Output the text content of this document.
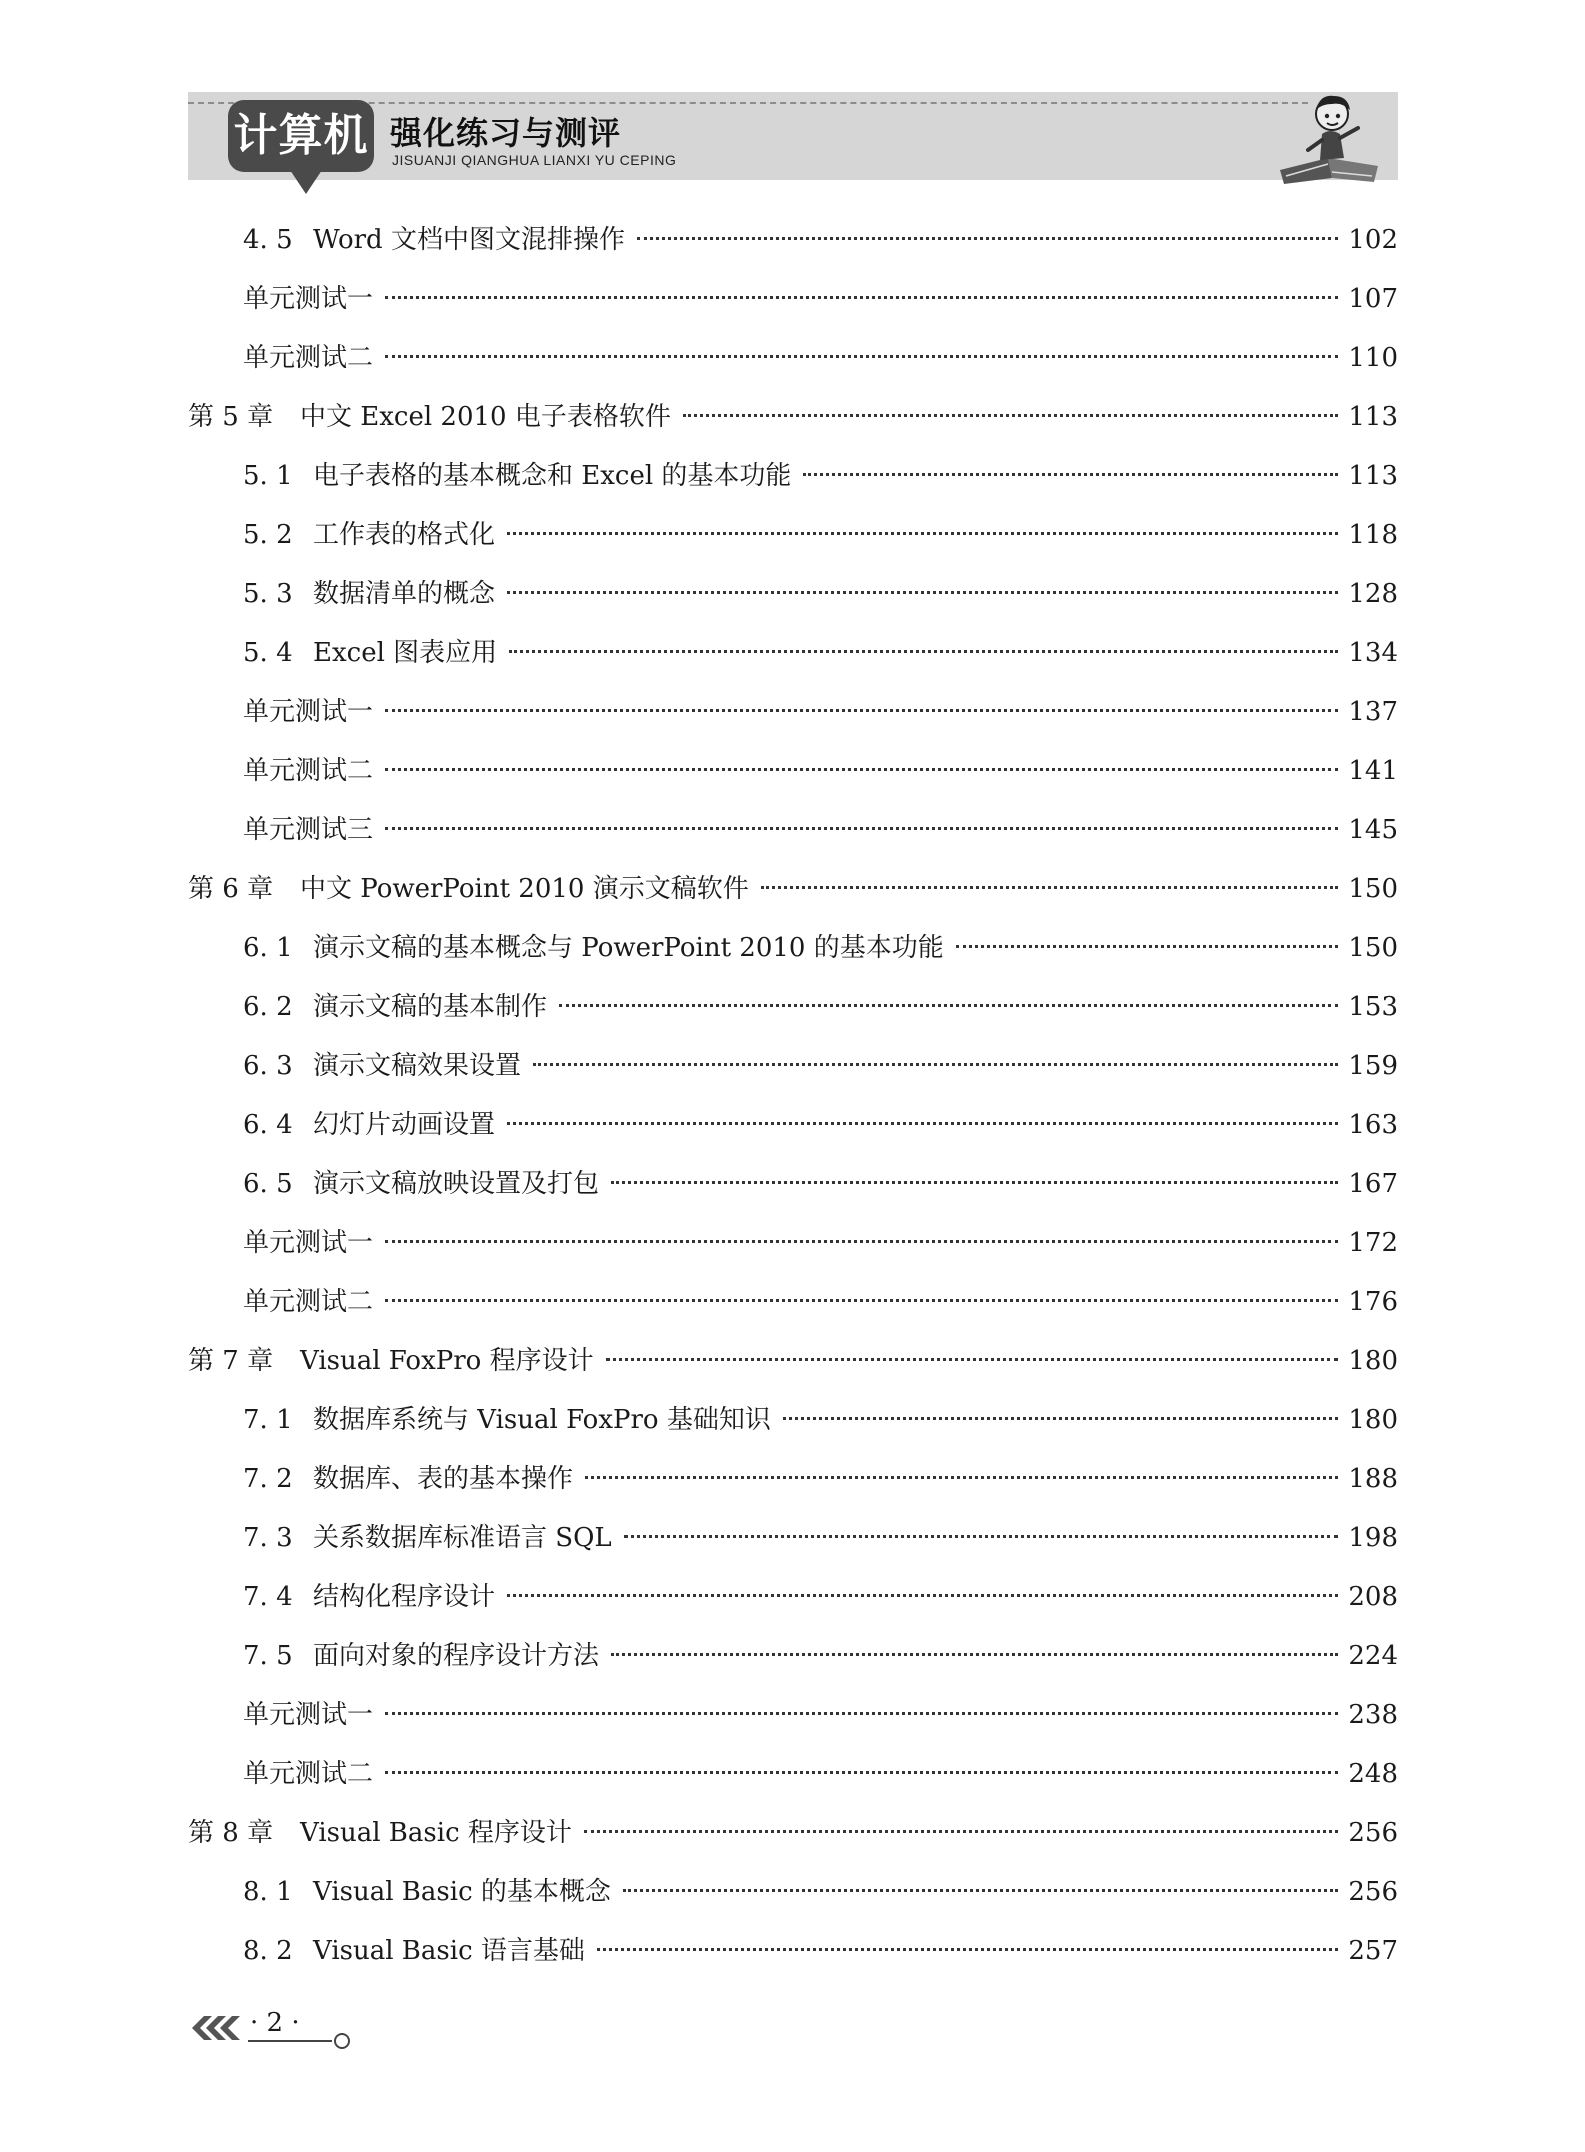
计算机 强化练习与测评
JISUANJI QIANGHUA LIANXI YU CEPING
4. 5 Word 文档中图文混排操作	102
单元测试一	107
单元测试二	110
第 5 章	中文 Excel 2010 电子表格软件	113
5. 1 电子表格的基本概念和 Excel 的基本功能	113
5. 2 工作表的格式化	118
5. 3 数据清单的概念	128
5. 4 Excel 图表应用	134
单元测试一	137
单元测试二	141
单元测试三	145
第 6 章	中文 PowerPoint 2010 演示文稿软件	150
6. 1 演示文稿的基本概念与 PowerPoint 2010 的基本功能	150
6. 2 演示文稿的基本制作	153
6. 3 演示文稿效果设置	159
6. 4 幻灯片动画设置	163
6. 5 演示文稿放映设置及打包	167
单元测试一	172
单元测试二	176
第 7 章	Visual FoxPro 程序设计	180
7. 1 数据库系统与 Visual FoxPro 基础知识	180
7. 2 数据库、表的基本操作	188
7. 3 关系数据库标准语言 SQL	198
7. 4 结构化程序设计	208
7. 5 面向对象的程序设计方法	224
单元测试一	238
单元测试二	248
第 8 章	Visual Basic 程序设计	256
8. 1 Visual Basic 的基本概念	256
8. 2 Visual Basic 语言基础	257
· 2 ·
